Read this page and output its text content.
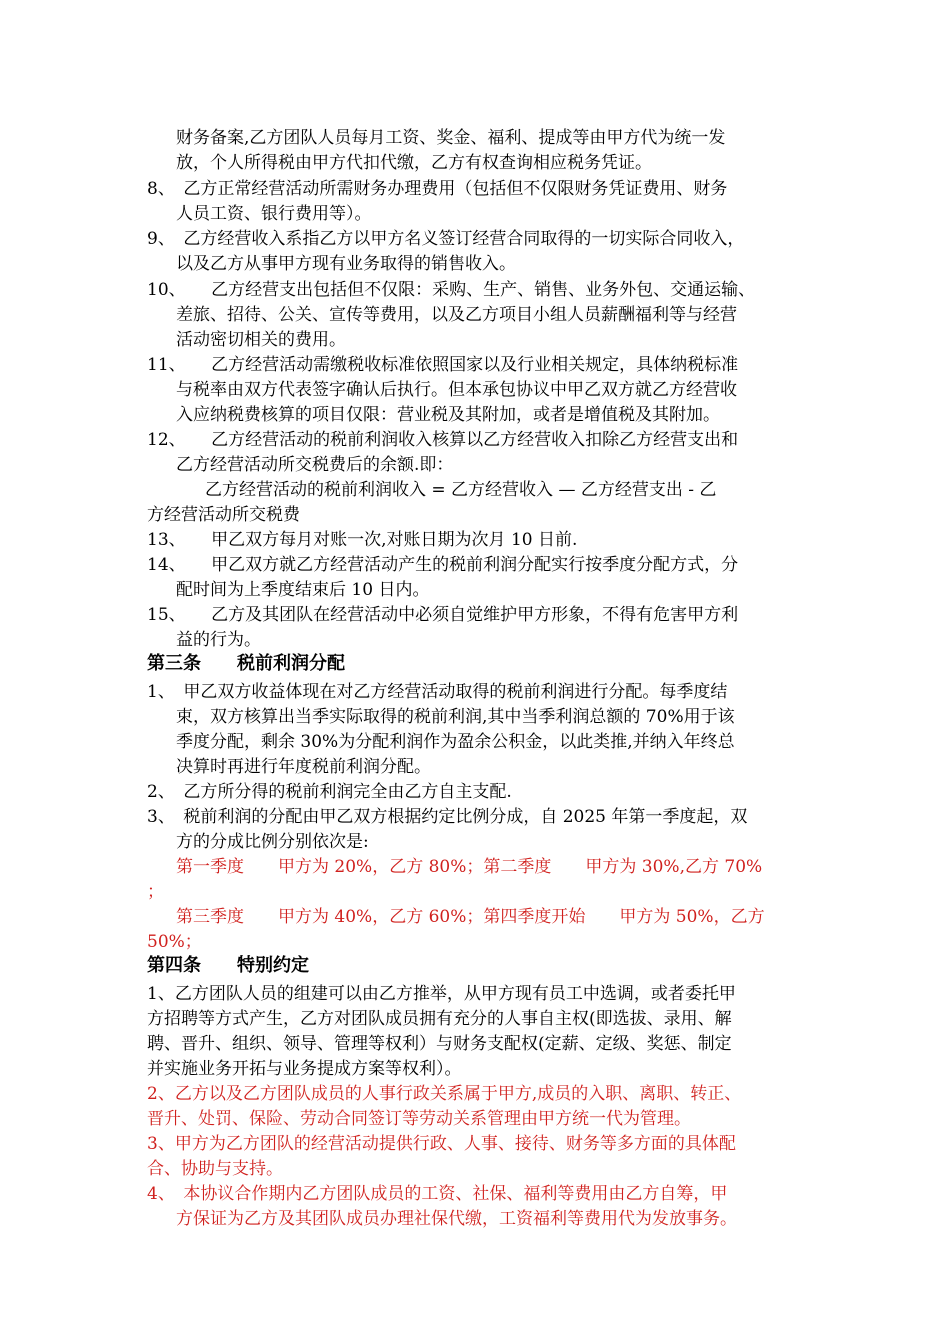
财务备案,乙方团队人员每月工资、奖金、福利、提成等由甲方代为统一发
放，个人所得税由甲方代扣代缴，乙方有权查询相应税务凭证。
8、　乙方正常经营活动所需财务办理费用（包括但不仅限财务凭证费用、财务
人员工资、银行费用等）。
9、　乙方经营收入系指乙方以甲方名义签订经营合同取得的一切实际合同收入，
以及乙方从事甲方现有业务取得的销售收入。
10、　　乙方经营支出包括但不仅限：采购、生产、销售、业务外包、交通运输、
差旅、招待、公关、宣传等费用，以及乙方项目小组人员薪酬福利等与经营
活动密切相关的费用。
11、　　乙方经营活动需缴税收标准依照国家以及行业相关规定，具体纳税标准
与税率由双方代表签字确认后执行。但本承包协议中甲乙双方就乙方经营收
入应纳税费核算的项目仅限：营业税及其附加，或者是增值税及其附加。
12、　　乙方经营活动的税前利润收入核算以乙方经营收入扣除乙方经营支出和
乙方经营活动所交税费后的余额.即：
乙方经营活动的税前利润收入 = 乙方经营收入 — 乙方经营支出 - 乙
方经营活动所交税费
13、　　甲乙双方每月对账一次,对账日期为次月 10 日前.
14、　　甲乙双方就乙方经营活动产生的税前利润分配实行按季度分配方式，分
配时间为上季度结束后 10 日内。
15、　　乙方及其团队在经营活动中必须自觉维护甲方形象，不得有危害甲方利
益的行为。
第三条　　税前利润分配
1、　甲乙双方收益体现在对乙方经营活动取得的税前利润进行分配。每季度结
束，双方核算出当季实际取得的税前利润,其中当季利润总额的 70%用于该
季度分配，剩余 30%为分配利润作为盈余公积金，以此类推,并纳入年终总
决算时再进行年度税前利润分配。
2、　乙方所分得的税前利润完全由乙方自主支配.
3、　税前利润的分配由甲乙双方根据约定比例分成，自 2025 年第一季度起，双
方的分成比例分别依次是:
第一季度　　甲方为 20%，乙方 80%；第二季度　　甲方为 30%,乙方 70%
；
第三季度　　甲方为 40%，乙方 60%；第四季度开始　　甲方为 50%，乙方
50%；
第四条　　特别约定
1、乙方团队人员的组建可以由乙方推举，从甲方现有员工中选调，或者委托甲
方招聘等方式产生，乙方对团队成员拥有充分的人事自主权(即选拔、录用、解
聘、晋升、组织、领导、管理等权利）与财务支配权(定薪、定级、奖惩、制定
并实施业务开拓与业务提成方案等权利）。
2、乙方以及乙方团队成员的人事行政关系属于甲方,成员的入职、离职、转正、
晋升、处罚、保险、劳动合同签订等劳动关系管理由甲方统一代为管理。
3、甲方为乙方团队的经营活动提供行政、人事、接待、财务等多方面的具体配
合、协助与支持。
4、　本协议合作期内乙方团队成员的工资、社保、福利等费用由乙方自筹，甲
方保证为乙方及其团队成员办理社保代缴，工资福利等费用代为发放事务。
